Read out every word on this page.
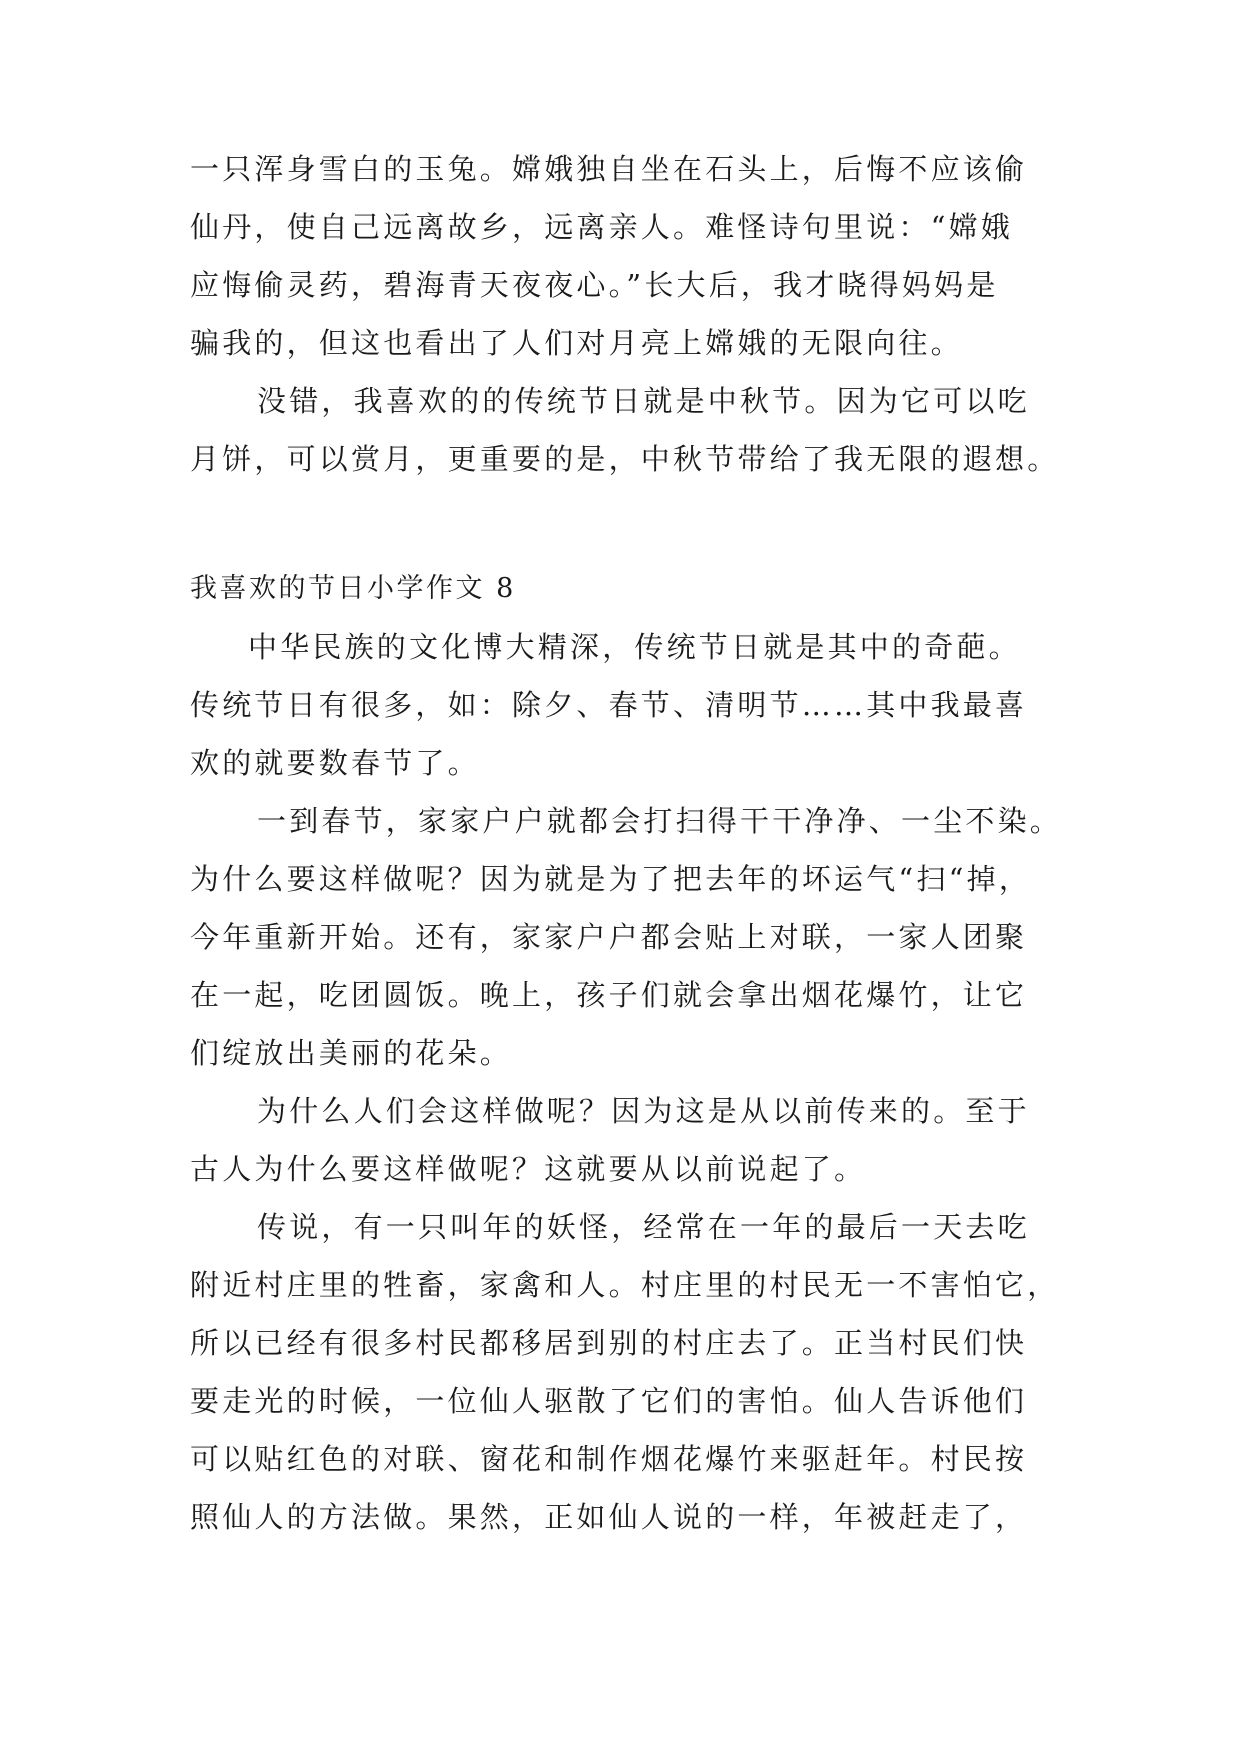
一只浑身雪白的玉兔。嫦娥独自坐在石头上，后悔不应该偷
仙丹，使自己远离故乡，远离亲人。难怪诗句里说：“嫦娥
应悔偷灵药，碧海青天夜夜心。”长大后，我才晓得妈妈是
骗我的，但这也看出了人们对月亮上嫦娥的无限向往。
没错，我喜欢的的传统节日就是中秋节。因为它可以吃
月饼，可以赏月，更重要的是，中秋节带给了我无限的遐想。
我喜欢的节日小学作文 8
中华民族的文化博大精深，传统节日就是其中的奇葩。
传统节日有很多，如：除夕、春节、清明节……其中我最喜
欢的就要数春节了。
一到春节，家家户户就都会打扫得干干净净、一尘不染。
为什么要这样做呢？因为就是为了把去年的坏运气“扫“掉，
今年重新开始。还有，家家户户都会贴上对联，一家人团聚
在一起，吃团圆饭。晚上，孩子们就会拿出烟花爆竹，让它
们绽放出美丽的花朵。
为什么人们会这样做呢？因为这是从以前传来的。至于
古人为什么要这样做呢？这就要从以前说起了。
传说，有一只叫年的妖怪，经常在一年的最后一天去吃
附近村庄里的牲畜，家禽和人。村庄里的村民无一不害怕它，
所以已经有很多村民都移居到别的村庄去了。正当村民们快
要走光的时候，一位仙人驱散了它们的害怕。仙人告诉他们
可以贴红色的对联、窗花和制作烟花爆竹来驱赶年。村民按
照仙人的方法做。果然，正如仙人说的一样，年被赶走了，
